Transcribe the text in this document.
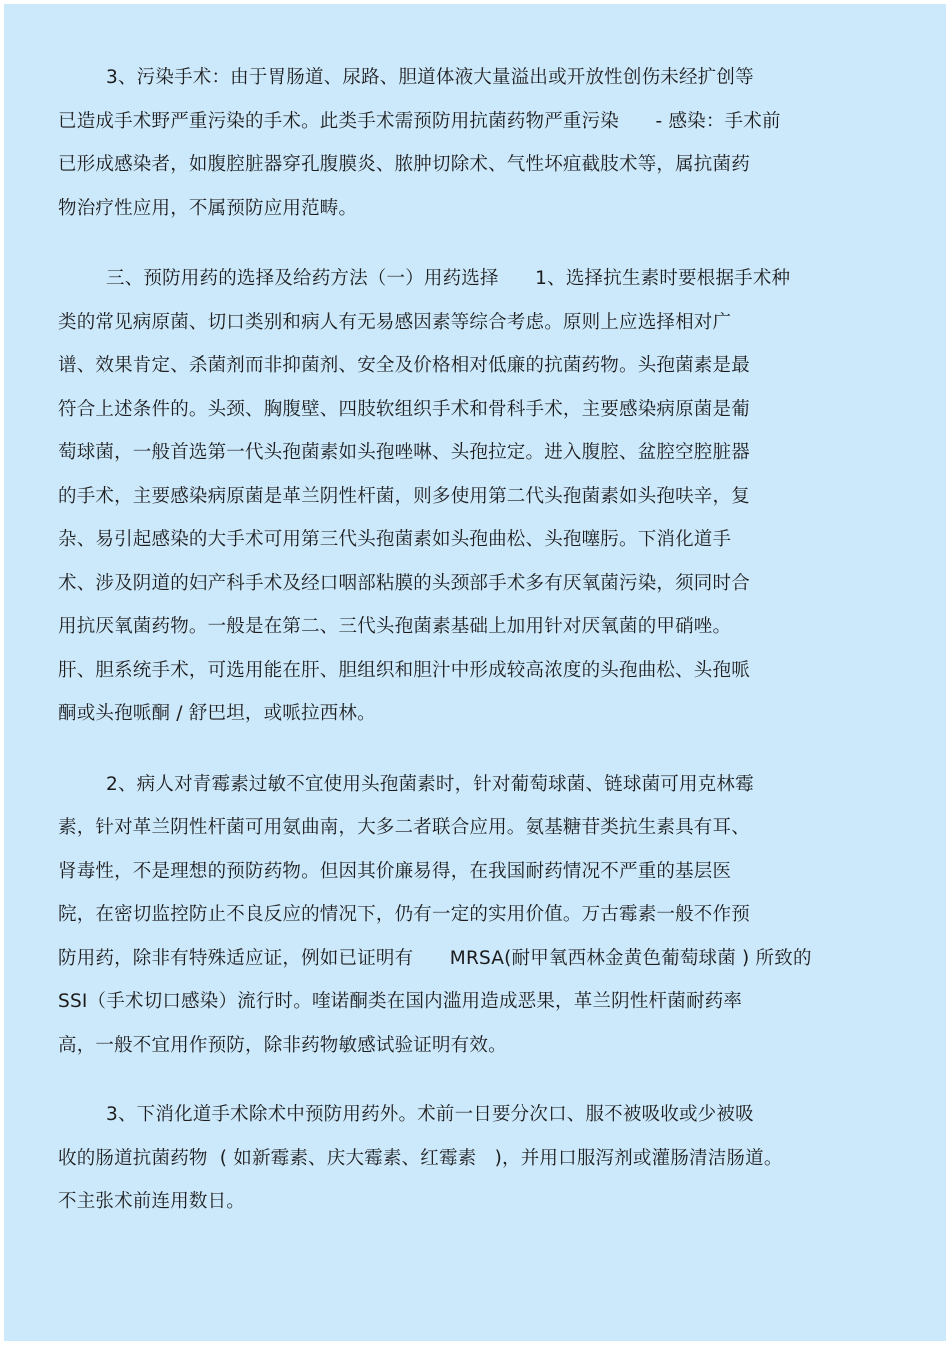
3、污染手术：由于胃肠道、尿路、胆道体液大量溢出或开放性创伤未经扩创等
已造成手术野严重污染的手术。此类手术需预防用抗菌药物严重污染      - 感染：手术前
已形成感染者，如腹腔脏器穿孔腹膜炎、脓肿切除术、气性坏疽截肢术等，属抗菌药
物治疗性应用，不属预防应用范畴。
三、预防用药的选择及给药方法（一）用药选择      1、选择抗生素时要根据手术种
类的常见病原菌、切口类别和病人有无易感因素等综合考虑。原则上应选择相对广
谱、效果肯定、杀菌剂而非抑菌剂、安全及价格相对低廉的抗菌药物。头孢菌素是最
符合上述条件的。头颈、胸腹壁、四肢软组织手术和骨科手术，主要感染病原菌是葡
萄球菌，一般首选第一代头孢菌素如头孢唑啉、头孢拉定。进入腹腔、盆腔空腔脏器
的手术，主要感染病原菌是革兰阴性杆菌，则多使用第二代头孢菌素如头孢呋辛，复
杂、易引起感染的大手术可用第三代头孢菌素如头孢曲松、头孢噻肟。下消化道手
术、涉及阴道的妇产科手术及经口咽部粘膜的头颈部手术多有厌氧菌污染，须同时合
用抗厌氧菌药物。一般是在第二、三代头孢菌素基础上加用针对厌氧菌的甲硝唑。
肝、胆系统手术，可选用能在肝、胆组织和胆汁中形成较高浓度的头孢曲松、头孢哌
酮或头孢哌酮 / 舒巴坦，或哌拉西林。
2、病人对青霉素过敏不宜使用头孢菌素时，针对葡萄球菌、链球菌可用克林霉
素，针对革兰阴性杆菌可用氨曲南，大多二者联合应用。氨基糖苷类抗生素具有耳、
肾毒性，不是理想的预防药物。但因其价廉易得，在我国耐药情况不严重的基层医
院，在密切监控防止不良反应的情况下，仍有一定的实用价值。万古霉素一般不作预
防用药，除非有特殊适应证，例如已证明有      MRSA(耐甲氧西林金黄色葡萄球菌 ) 所致的
SSI（手术切口感染）流行时。喹诺酮类在国内滥用造成恶果，革兰阴性杆菌耐药率
高，一般不宜用作预防，除非药物敏感试验证明有效。
3、下消化道手术除术中预防用药外。术前一日要分次口、服不被吸收或少被吸
收的肠道抗菌药物  ( 如新霉素、庆大霉素、红霉素   )，并用口服泻剂或灌肠清洁肠道。
不主张术前连用数日。
